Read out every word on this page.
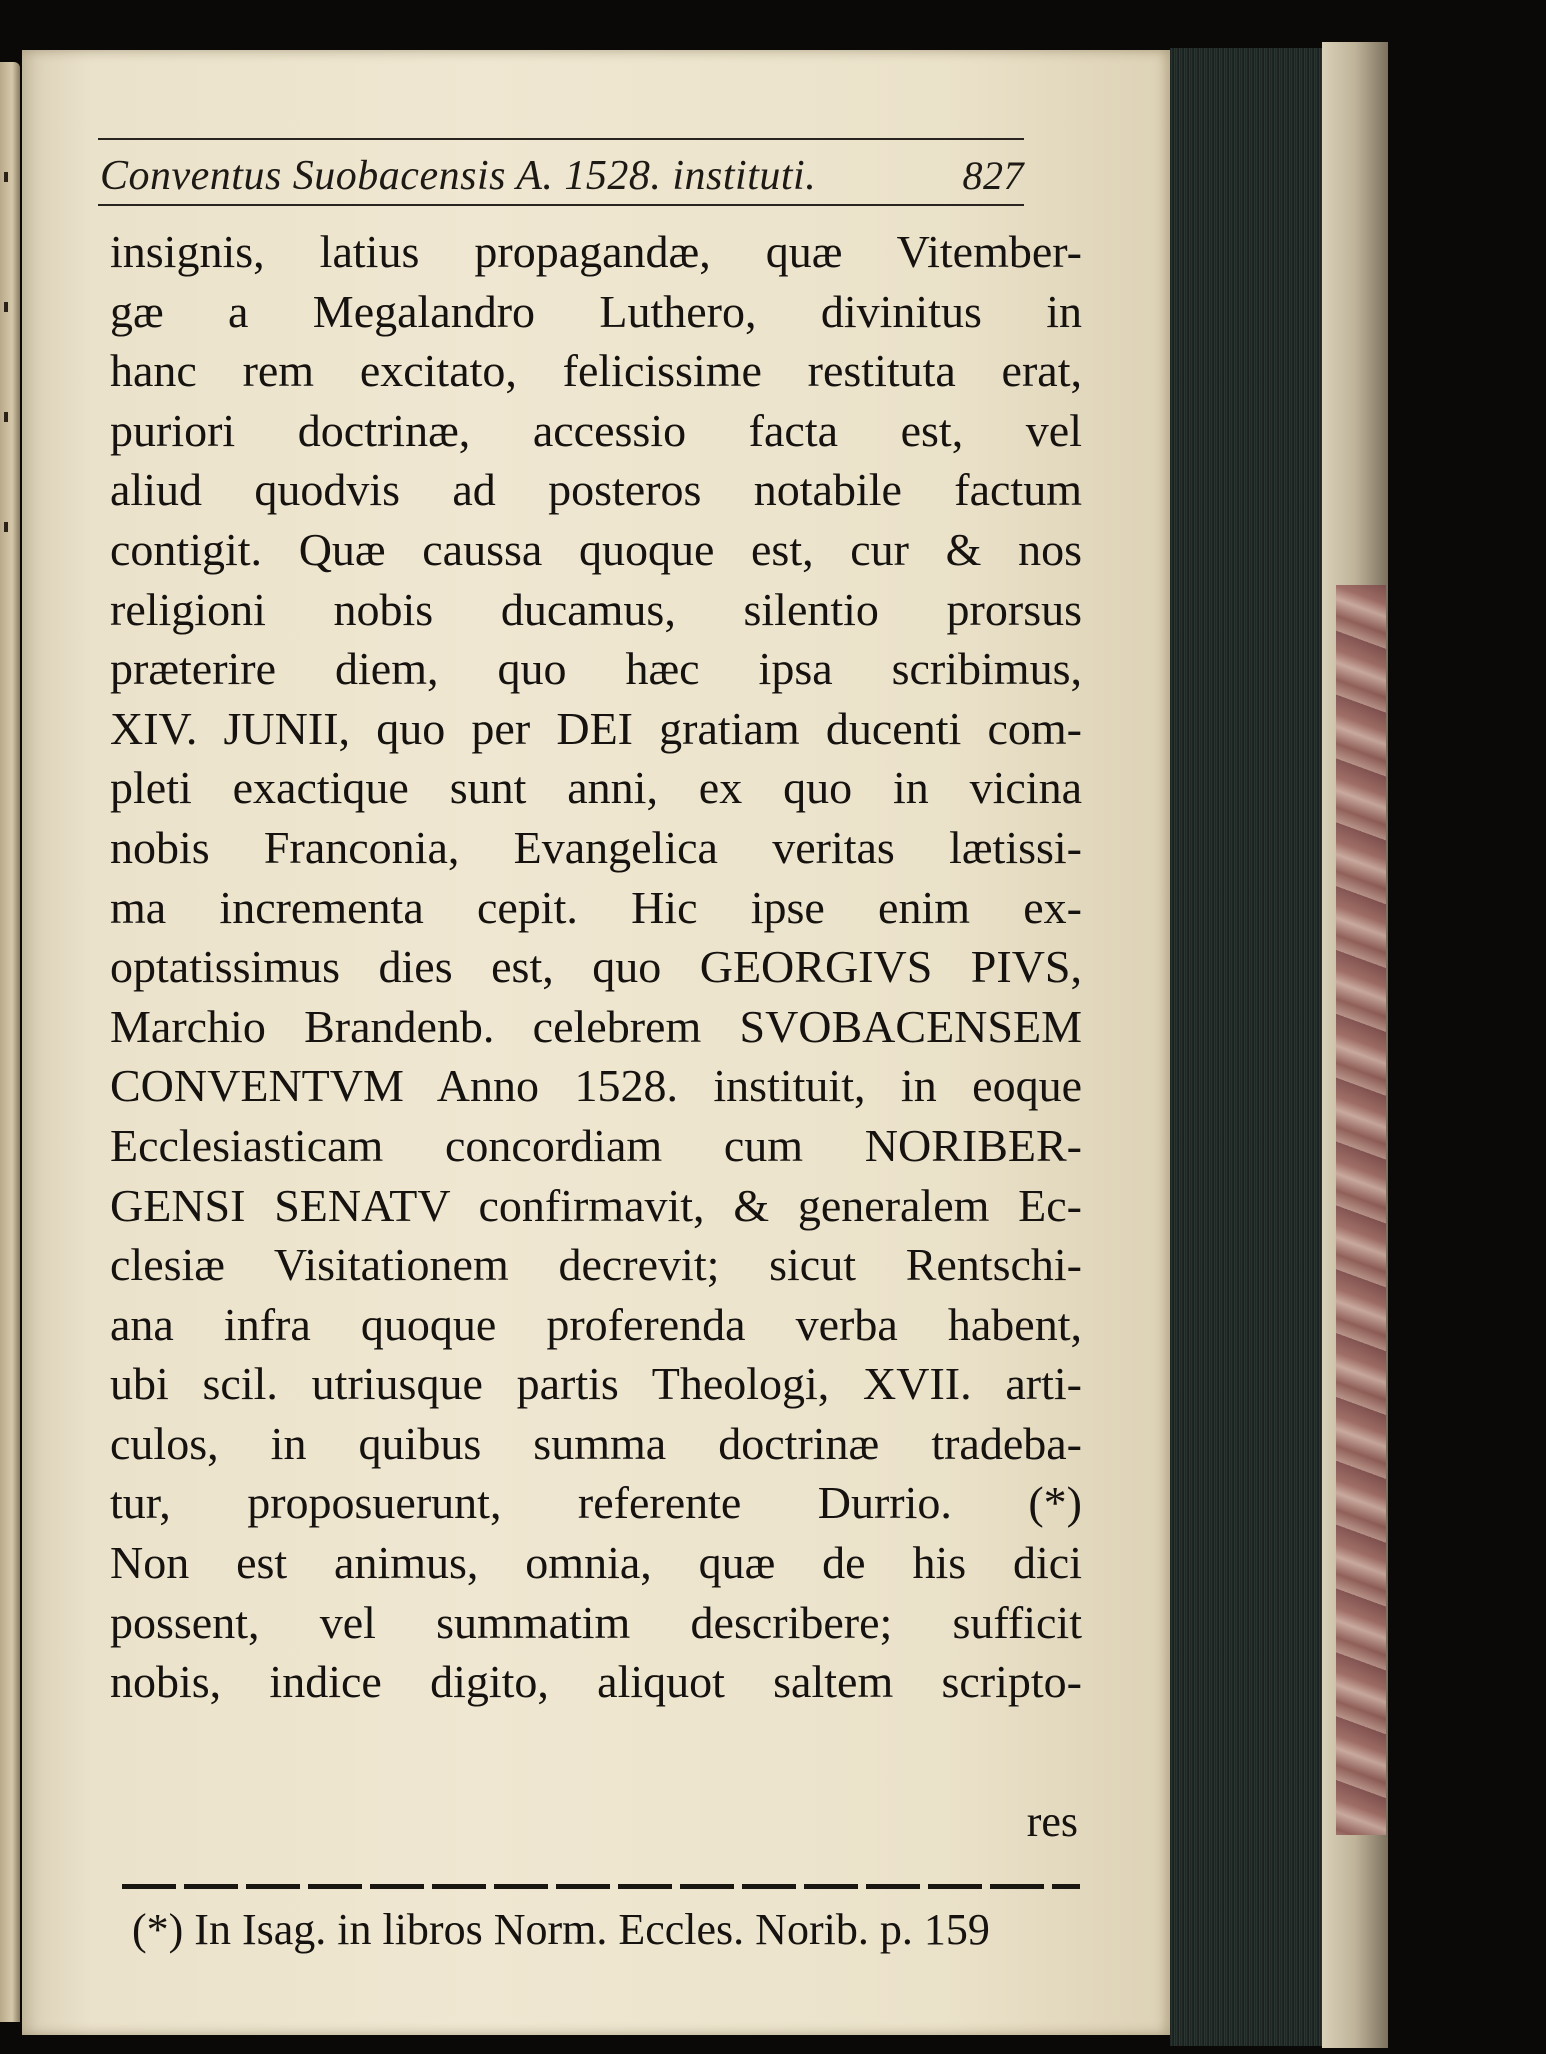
Conventus Suobacensis A. 1528. instituti.	827
insignis, latius propagandæ, quæ Vitember-
gæ a Megalandro Luthero, divinitus in
hanc rem excitato, felicissime restituta erat,
puriori doctrinæ, accessio facta est, vel
aliud quodvis ad posteros notabile factum
contigit. Quæ caussa quoque est, cur & nos
religioni nobis ducamus, silentio prorsus
præterire diem, quo hæc ipsa scribimus,
XIV. JUNII, quo per DEI gratiam ducenti com-
pleti exactique sunt anni, ex quo in vicina
nobis Franconia, Evangelica veritas lætissi-
ma incrementa cepit. Hic ipse enim ex-
optatissimus dies est, quo GEORGIVS PIVS,
Marchio Brandenb. celebrem SVOBACENSEM
CONVENTVM Anno 1528. instituit, in eoque
Ecclesiasticam concordiam cum NORIBER-
GENSI SENATV confirmavit, & generalem Ec-
clesiæ Visitationem decrevit; sicut Rentschi-
ana infra quoque proferenda verba habent,
ubi scil. utriusque partis Theologi, XVII. arti-
culos, in quibus summa doctrinæ tradeba-
tur, proposuerunt, referente Durrio. (*)
Non est animus, omnia, quæ de his dici
possent, vel summatim describere; sufficit
nobis, indice digito, aliquot saltem scripto-
res
(*) In Isag. in libros Norm. Eccles. Norib. p. 159
